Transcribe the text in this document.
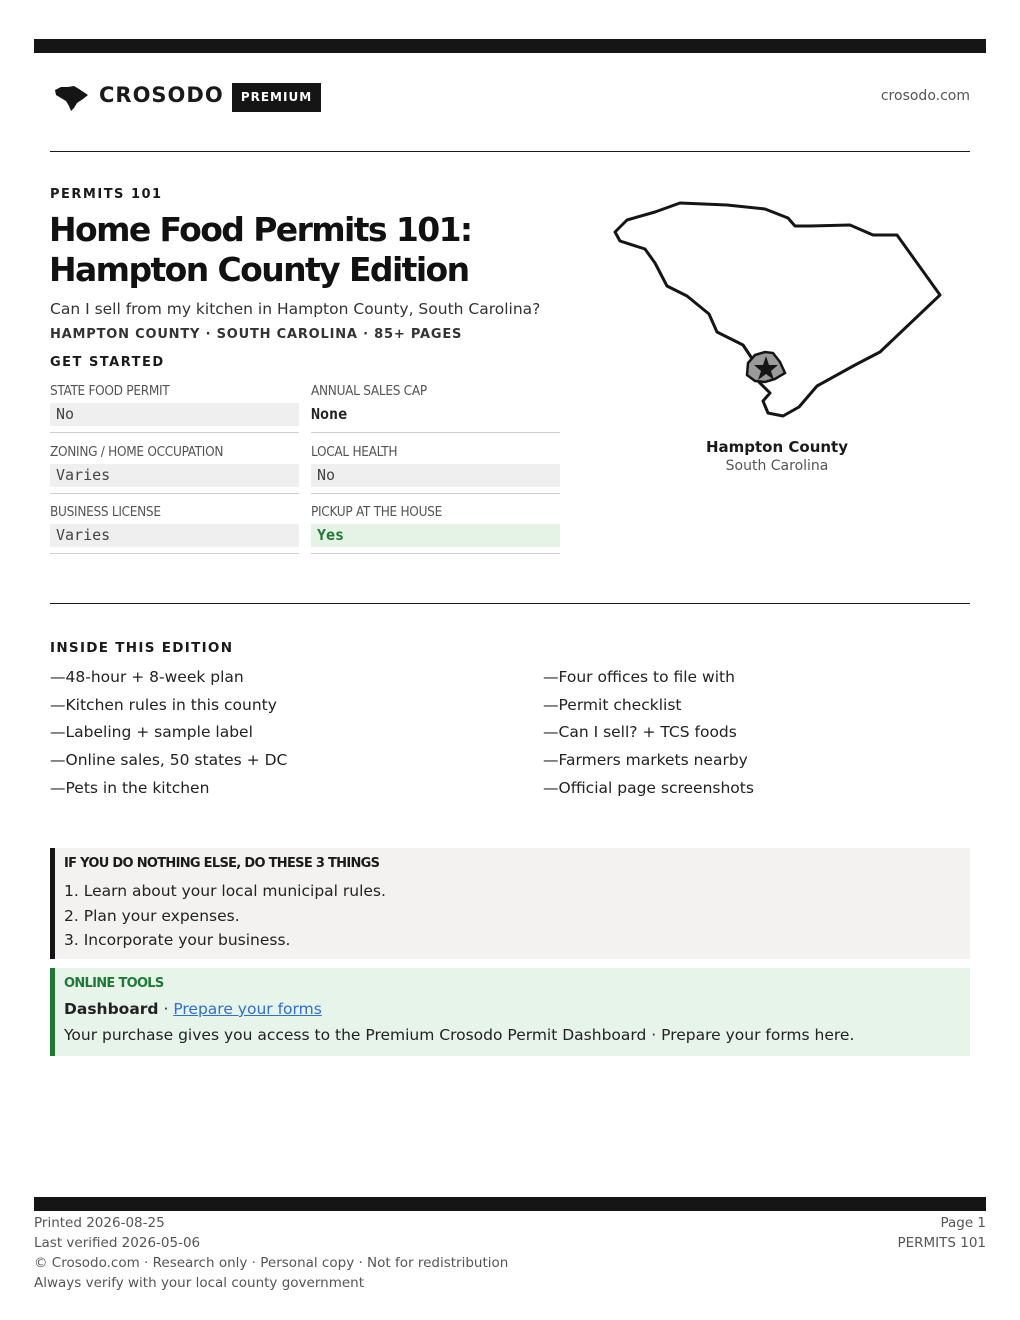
CROSODO	PREMIUM	crosodo.com
PERMITS 101
Home Food Permits 101:
Hampton County Edition
Can I sell from my kitchen in Hampton County, South Carolina?
HAMPTON COUNTY · SOUTH CAROLINA · 85+ PAGES
GET STARTED
STATE FOOD PERMIT
No
ANNUAL SALES CAP
None
ZONING / HOME OCCUPATION
Varies
LOCAL HEALTH
No
BUSINESS LICENSE
Varies
PICKUP AT THE HOUSE
Yes
Hampton County
South Carolina
INSIDE THIS EDITION
—48-hour + 8-week plan
—Kitchen rules in this county
—Labeling + sample label
—Online sales, 50 states + DC
—Pets in the kitchen
—Four offices to file with
—Permit checklist
—Can I sell? + TCS foods
—Farmers markets nearby
—Official page screenshots
IF YOU DO NOTHING ELSE, DO THESE 3 THINGS
1. Learn about your local municipal rules.
2. Plan your expenses.
3. Incorporate your business.
ONLINE TOOLS
Dashboard · Prepare your forms
Your purchase gives you access to the Premium Crosodo Permit Dashboard · Prepare your forms here.
Printed 2026-08-25
Last verified 2026-05-06
© Crosodo.com · Research only · Personal copy · Not for redistribution
Always verify with your local county government
Page 1
PERMITS 101
